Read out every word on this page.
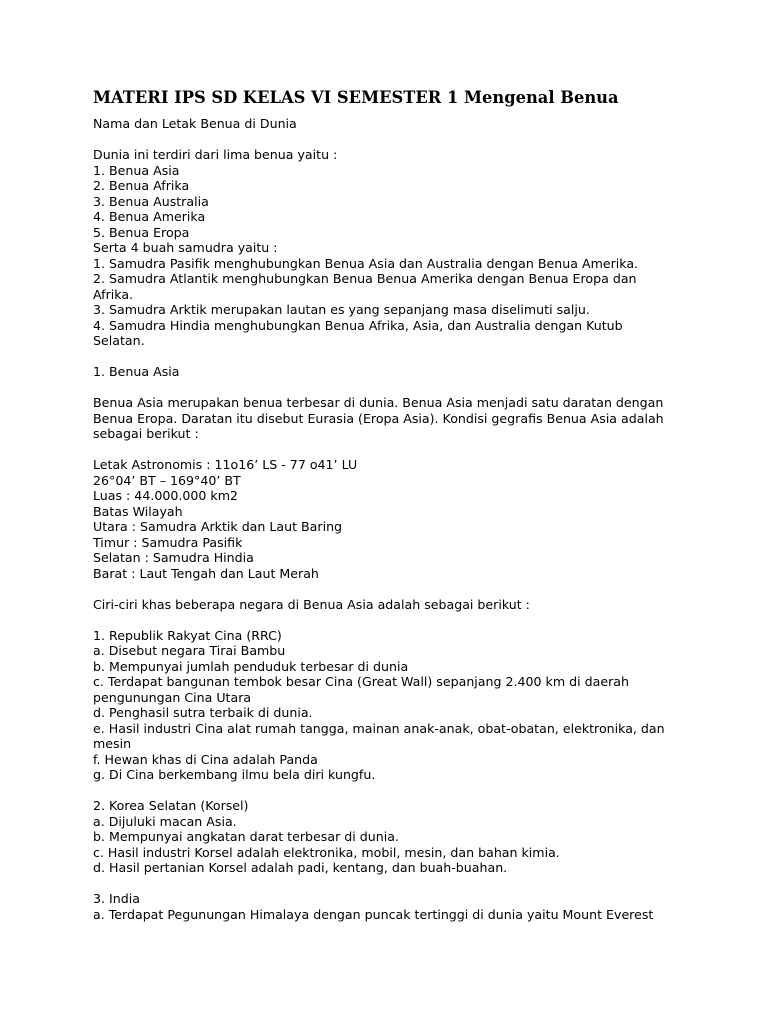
MATERI IPS SD KELAS VI SEMESTER 1 Mengenal Benua
Nama dan Letak Benua di Dunia
Dunia ini terdiri dari lima benua yaitu :
1. Benua Asia
2. Benua Afrika
3. Benua Australia
4. Benua Amerika
5. Benua Eropa
Serta 4 buah samudra yaitu :
1. Samudra Pasifik menghubungkan Benua Asia dan Australia dengan Benua Amerika.
2. Samudra Atlantik menghubungkan Benua Benua Amerika dengan Benua Eropa dan
Afrika.
3. Samudra Arktik merupakan lautan es yang sepanjang masa diselimuti salju.
4. Samudra Hindia menghubungkan Benua Afrika, Asia, dan Australia dengan Kutub
Selatan.
1. Benua Asia
Benua Asia merupakan benua terbesar di dunia. Benua Asia menjadi satu daratan dengan
Benua Eropa. Daratan itu disebut Eurasia (Eropa Asia). Kondisi gegrafis Benua Asia adalah
sebagai berikut :
Letak Astronomis : 11o16’ LS - 77 o41’ LU
26°04’ BT – 169°40’ BT
Luas : 44.000.000 km2
Batas Wilayah
Utara : Samudra Arktik dan Laut Baring
Timur : Samudra Pasifik
Selatan : Samudra Hindia
Barat : Laut Tengah dan Laut Merah
Ciri-ciri khas beberapa negara di Benua Asia adalah sebagai berikut :
1. Republik Rakyat Cina (RRC)
a. Disebut negara Tirai Bambu
b. Mempunyai jumlah penduduk terbesar di dunia
c. Terdapat bangunan tembok besar Cina (Great Wall) sepanjang 2.400 km di daerah
pengunungan Cina Utara
d. Penghasil sutra terbaik di dunia.
e. Hasil industri Cina alat rumah tangga, mainan anak-anak, obat-obatan, elektronika, dan
mesin
f. Hewan khas di Cina adalah Panda
g. Di Cina berkembang ilmu bela diri kungfu.
2. Korea Selatan (Korsel)
a. Dijuluki macan Asia.
b. Mempunyai angkatan darat terbesar di dunia.
c. Hasil industri Korsel adalah elektronika, mobil, mesin, dan bahan kimia.
d. Hasil pertanian Korsel adalah padi, kentang, dan buah-buahan.
3. India
a. Terdapat Pegunungan Himalaya dengan puncak tertinggi di dunia yaitu Mount Everest
